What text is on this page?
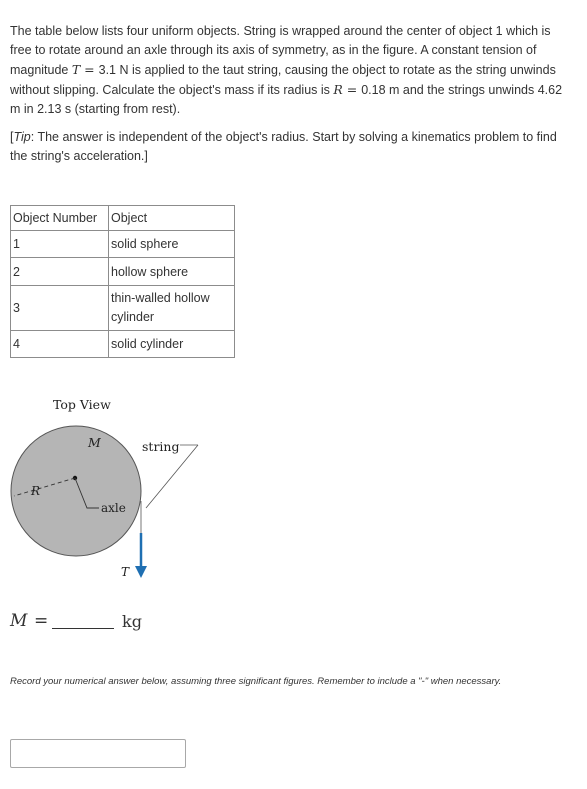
The table below lists four uniform objects. String is wrapped around the center of object 1 which is free to rotate around an axle through its axis of symmetry, as in the figure. A constant tension of magnitude T = 3.1 N is applied to the taut string, causing the object to rotate as the string unwinds without slipping. Calculate the object's mass if its radius is R = 0.18 m and the strings unwinds 4.62 m in 2.13 s (starting from rest).

[Tip: The answer is independent of the object's radius. Start by solving a kinematics problem to find the string's acceleration.]

Object Number	Object
1	solid sphere
2	hollow sphere
3	thin-walled hollow cylinder
4	solid cylinder
Top View
M	string
R
axle
T
M =	kg
Record your numerical answer below, assuming three significant figures. Remember to include a "-" when necessary.
